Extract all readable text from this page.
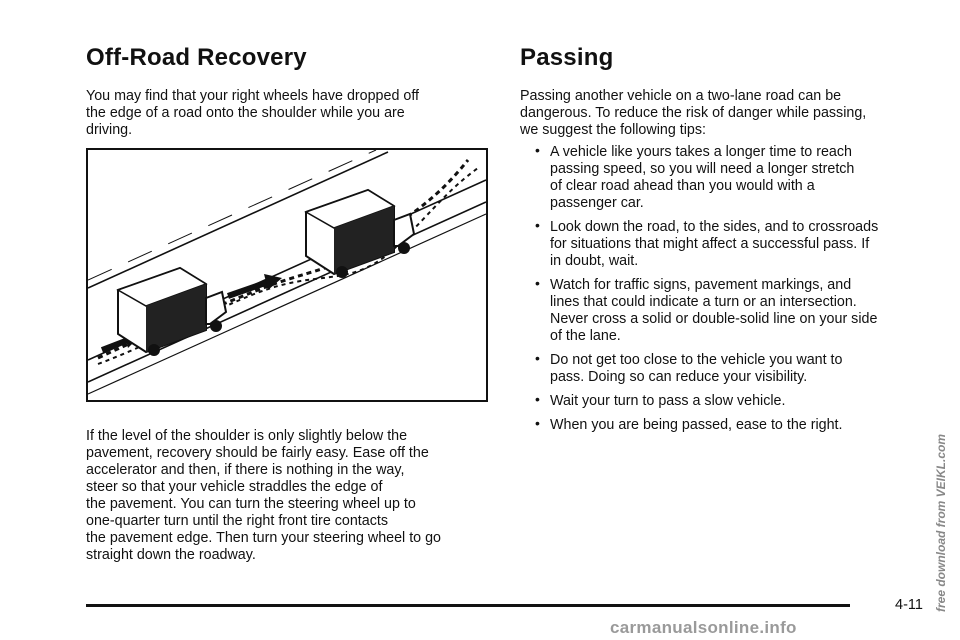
Off-Road Recovery

You may find that your right wheels have dropped off
the edge of a road onto the shoulder while you are
driving.

If the level of the shoulder is only slightly below the
pavement, recovery should be fairly easy. Ease off the
accelerator and then, if there is nothing in the way,
steer so that your vehicle straddles the edge of
the pavement. You can turn the steering wheel up to
one-quarter turn until the right front tire contacts
the pavement edge. Then turn your steering wheel to go
straight down the roadway.

Passing

Passing another vehicle on a two-lane road can be
dangerous. To reduce the risk of danger while passing,
we suggest the following tips:

• A vehicle like yours takes a longer time to reach
passing speed, so you will need a longer stretch
of clear road ahead than you would with a
passenger car.
• Look down the road, to the sides, and to crossroads
for situations that might affect a successful pass. If
in doubt, wait.
• Watch for traffic signs, pavement markings, and
lines that could indicate a turn or an intersection.
Never cross a solid or double-solid line on your side
of the lane.
• Do not get too close to the vehicle you want to
pass. Doing so can reduce your visibility.
• Wait your turn to pass a slow vehicle.
• When you are being passed, ease to the right.
4-11 free download from VEIKL.com
carmanualsonline.info
